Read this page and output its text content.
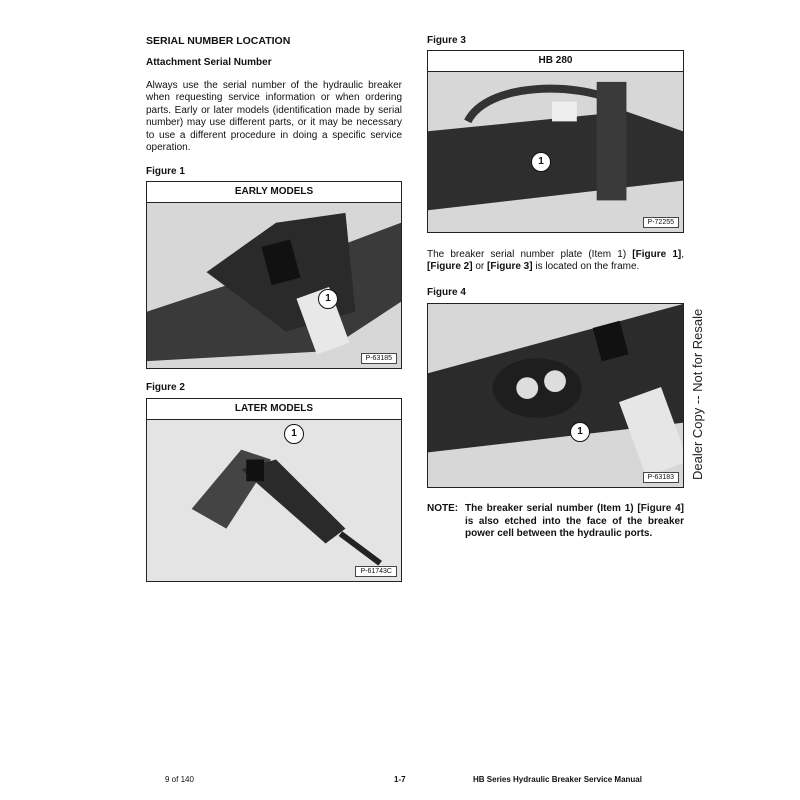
SERIAL NUMBER LOCATION
Attachment Serial Number
Always use the serial number of the hydraulic breaker when requesting service information or when ordering parts. Early or later models (identification made by serial number) may use different parts, or it may be necessary to use a different procedure in doing a specific service operation.
Figure 1
EARLY MODELS
1
P-63185
Figure 2
LATER MODELS
1
P-61743C
Figure 3
HB 280
1
P-72255
The breaker serial number plate (Item 1) [Figure 1], [Figure 2] or [Figure 3] is located on the frame.
Figure 4
1
P-63183
NOTE: The breaker serial number (Item 1) [Figure 4] is also etched into the face of the breaker power cell between the hydraulic ports.
Dealer Copy -- Not for Resale
9 of 140	1-7	HB Series Hydraulic Breaker Service Manual
